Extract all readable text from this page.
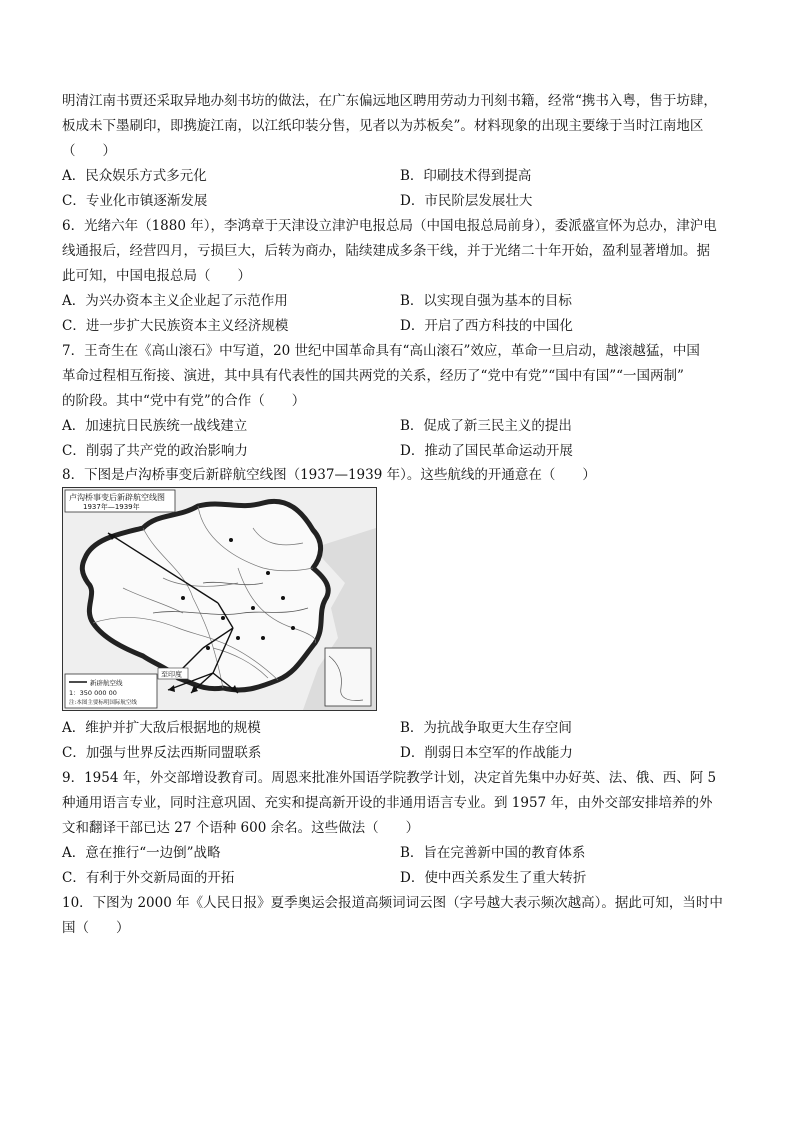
明清江南书贾还采取异地办刻书坊的做法，在广东偏远地区聘用劳动力刊刻书籍，经常“携书入粤，售于坊肆，
板成未下墨刷印，即携旋江南，以江纸印装分售，见者以为苏板矣”。材料现象的出现主要缘于当时江南地区
（　　）
A．民众娱乐方式多元化	B．印刷技术得到提高
C．专业化市镇逐渐发展	D．市民阶层发展壮大
6．光绪六年（1880 年），李鸿章于天津设立津沪电报总局（中国电报总局前身），委派盛宣怀为总办，津沪电
线通报后，经营四月，亏损巨大，后转为商办，陆续建成多条干线，并于光绪二十年开始，盈利显著增加。据
此可知，中国电报总局（　　）
A．为兴办资本主义企业起了示范作用	B．以实现自强为基本的目标
C．进一步扩大民族资本主义经济规模	D．开启了西方科技的中国化
7．王奇生在《高山滚石》中写道，20 世纪中国革命具有“高山滚石”效应，革命一旦启动，越滚越猛，中国
革命过程相互衔接、演进，其中具有代表性的国共两党的关系，经历了“党中有党”“国中有国”“一国两制”
的阶段。其中“党中有党”的合作（　　）
A．加速抗日民族统一战线建立	B．促成了新三民主义的提出
C．削弱了共产党的政治影响力	D．推动了国民革命运动开展
8．下图是卢沟桥事变后新辟航空线图（1937—1939 年）。这些航线的开通意在（　　）
卢沟桥事变后新辟航空线图
1937年—1939年
新辟航空线
1：350 000 00
注:本图主要标明国际航空线
至印度
A．维护并扩大敌后根据地的规模	B．为抗战争取更大生存空间
C．加强与世界反法西斯同盟联系	D．削弱日本空军的作战能力
9．1954 年，外交部增设教育司。周恩来批准外国语学院教学计划，决定首先集中办好英、法、俄、西、阿 5
种通用语言专业，同时注意巩固、充实和提高新开设的非通用语言专业。到 1957 年，由外交部安排培养的外
文和翻译干部已达 27 个语种 600 余名。这些做法（　　）
A．意在推行“一边倒”战略	B．旨在完善新中国的教育体系
C．有利于外交新局面的开拓	D．使中西关系发生了重大转折
10．下图为 2000 年《人民日报》夏季奥运会报道高频词词云图（字号越大表示频次越高）。据此可知，当时中
国（　　）
